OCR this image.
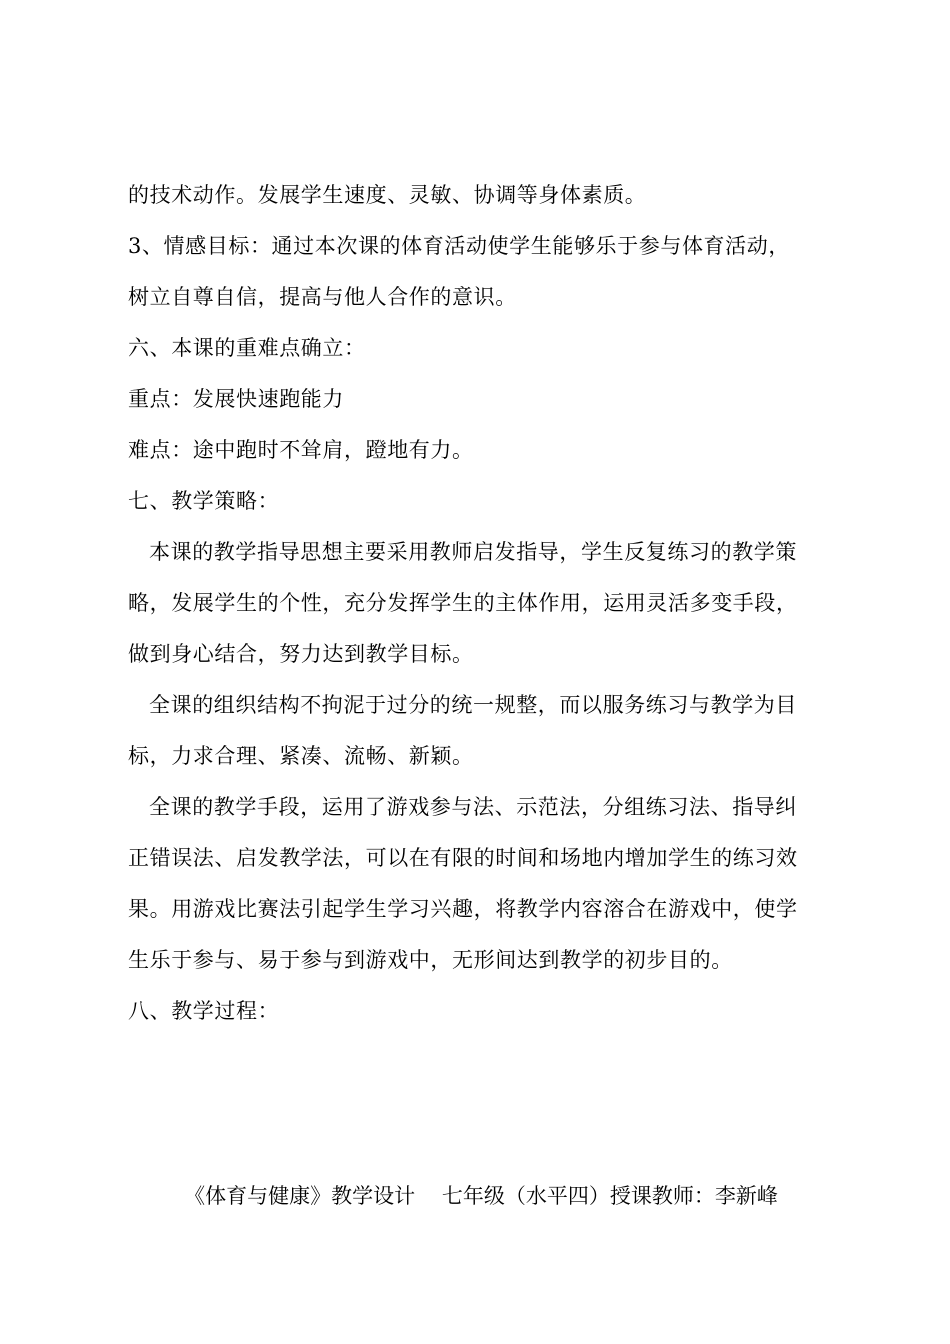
的技术动作。发展学生速度、灵敏、协调等身体素质。
3、情感目标：通过本次课的体育活动使学生能够乐于参与体育活动，
树立自尊自信，提高与他人合作的意识。
六、本课的重难点确立：
重点：发展快速跑能力
难点：途中跑时不耸肩，蹬地有力。
七、教学策略：
本课的教学指导思想主要采用教师启发指导，学生反复练习的教学策
略，发展学生的个性，充分发挥学生的主体作用，运用灵活多变手段，
做到身心结合，努力达到教学目标。
全课的组织结构不拘泥于过分的统一规整，而以服务练习与教学为目
标，力求合理、紧凑、流畅、新颖。
全课的教学手段，运用了游戏参与法、示范法，分组练习法、指导纠
正错误法、启发教学法，可以在有限的时间和场地内增加学生的练习效
果。用游戏比赛法引起学生学习兴趣，将教学内容溶合在游戏中，使学
生乐于参与、易于参与到游戏中，无形间达到教学的初步目的。
八、教学过程：
《体育与健康》教学设计    七年级（水平四）授课教师：李新峰
